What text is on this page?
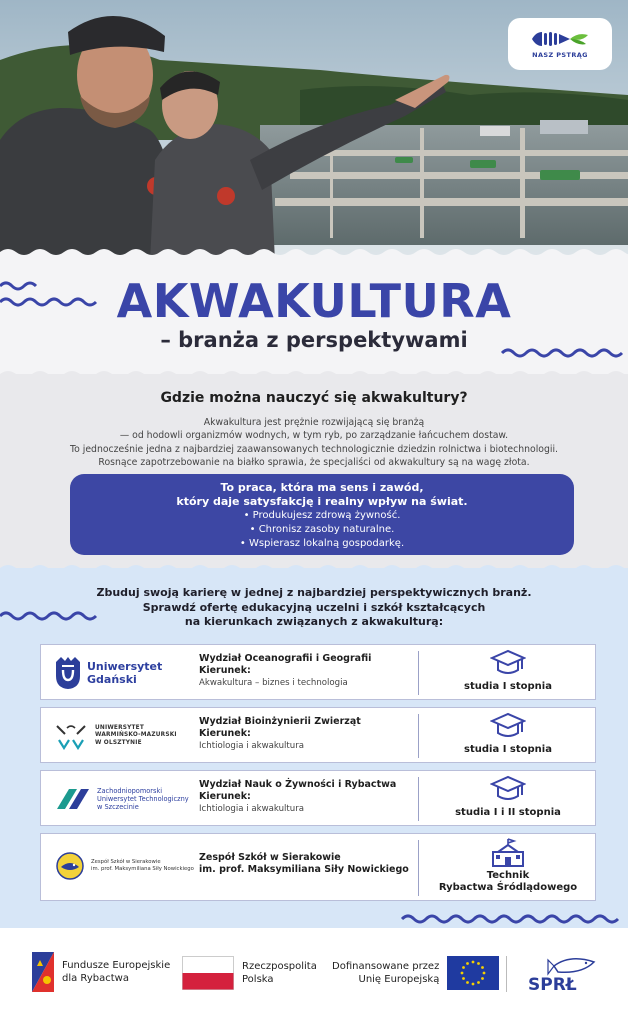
NASZ PSTRĄG
AKWAKULTURA
– branża z perspektywami
Gdzie można nauczyć się akwakultury?

Akwakultura jest prężnie rozwijającą się branżą

— od hodowli organizmów wodnych, w tym ryb, po zarządzanie łańcuchem dostaw.

To jednocześnie jedna z najbardziej zaawansowanych technologicznie dziedzin rolnictwa i biotechnologii.

Rosnące zapotrzebowanie na białko sprawia, że specjaliści od akwakultury są na wagę złota.

To praca, która ma sens i zawód,
który daje satysfakcję i realny wpływ na świat.
• Produkujesz zdrową żywność.
• Chronisz zasoby naturalne.
• Wspierasz lokalną gospodarkę.
Zbuduj swoją karierę w jednej z najbardziej perspektywicznych branż.
Sprawdź ofertę edukacyjną uczelni i szkół kształcących
na kierunkach związanych z akwakulturą:
Uniwersytet
Gdański
Wydział Oceanografii i Geografii
Kierunek:
Akwakultura – biznes i technologia	studia I stopnia
UNIWERSYTET
WARMIŃSKO-MAZURSKI
W OLSZTYNIE
Wydział Bioinżynierii Zwierząt
Kierunek:
Ichtiologia i akwakultura	studia I stopnia
Zachodniopomorski
Uniwersytet Technologiczny
w Szczecinie
Wydział Nauk o Żywności i Rybactwa
Kierunek:
Ichtiologia i akwakultura	studia I i II stopnia
Zespół Szkół w Sierakowie
im. prof. Maksymiliana Siły Nowickiego
Zespół Szkół w Sierakowie
im. prof. Maksymiliana Siły Nowickiego
Technik
Rybactwa Śródlądowego
Fundusze Europejskie
dla Rybactwa
Rzeczpospolita
Polska
Dofinansowane przez
Unię Europejską	SPRŁ
